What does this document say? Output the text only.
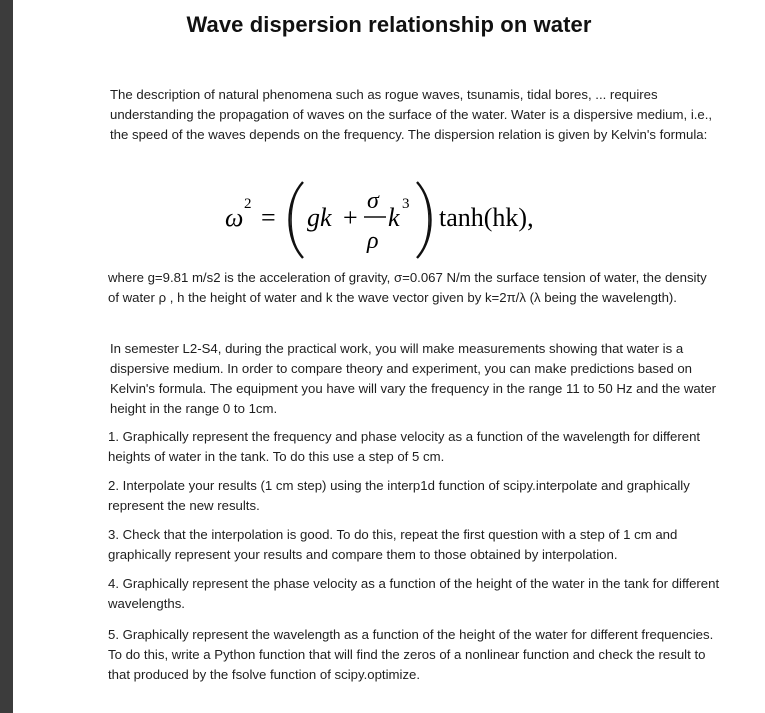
Wave dispersion relationship on water

The description of natural phenomena such as rogue waves, tsunamis, tidal bores, ... requires understanding the propagation of waves on the surface of the water. Water is a dispersive medium, i.e., the speed of the waves depends on the frequency. The dispersion relation is given by Kelvin's formula:

ω 2 = gk +
σ
ρ
k 3 tanh(hk),

where g=9.81 m/s2 is the acceleration of gravity, σ=0.067 N/m the surface tension of water, the density of water ρ , h the height of water and k the wave vector given by k=2π/λ (λ being the wavelength).

In semester L2-S4, during the practical work, you will make measurements showing that water is a dispersive medium. In order to compare theory and experiment, you can make predictions based on Kelvin's formula. The equipment you have will vary the frequency in the range 11 to 50 Hz and the water height in the range 0 to 1cm.

1. Graphically represent the frequency and phase velocity as a function of the wavelength for different heights of water in the tank. To do this use a step of 5 cm.

2. Interpolate your results (1 cm step) using the interp1d function of scipy.interpolate and graphically represent the new results.

3. Check that the interpolation is good. To do this, repeat the first question with a step of 1 cm and graphically represent your results and compare them to those obtained by interpolation.

4. Graphically represent the phase velocity as a function of the height of the water in the tank for different wavelengths.

5. Graphically represent the wavelength as a function of the height of the water for different frequencies. To do this, write a Python function that will find the zeros of a nonlinear function and check the result to that produced by the fsolve function of scipy.optimize.
